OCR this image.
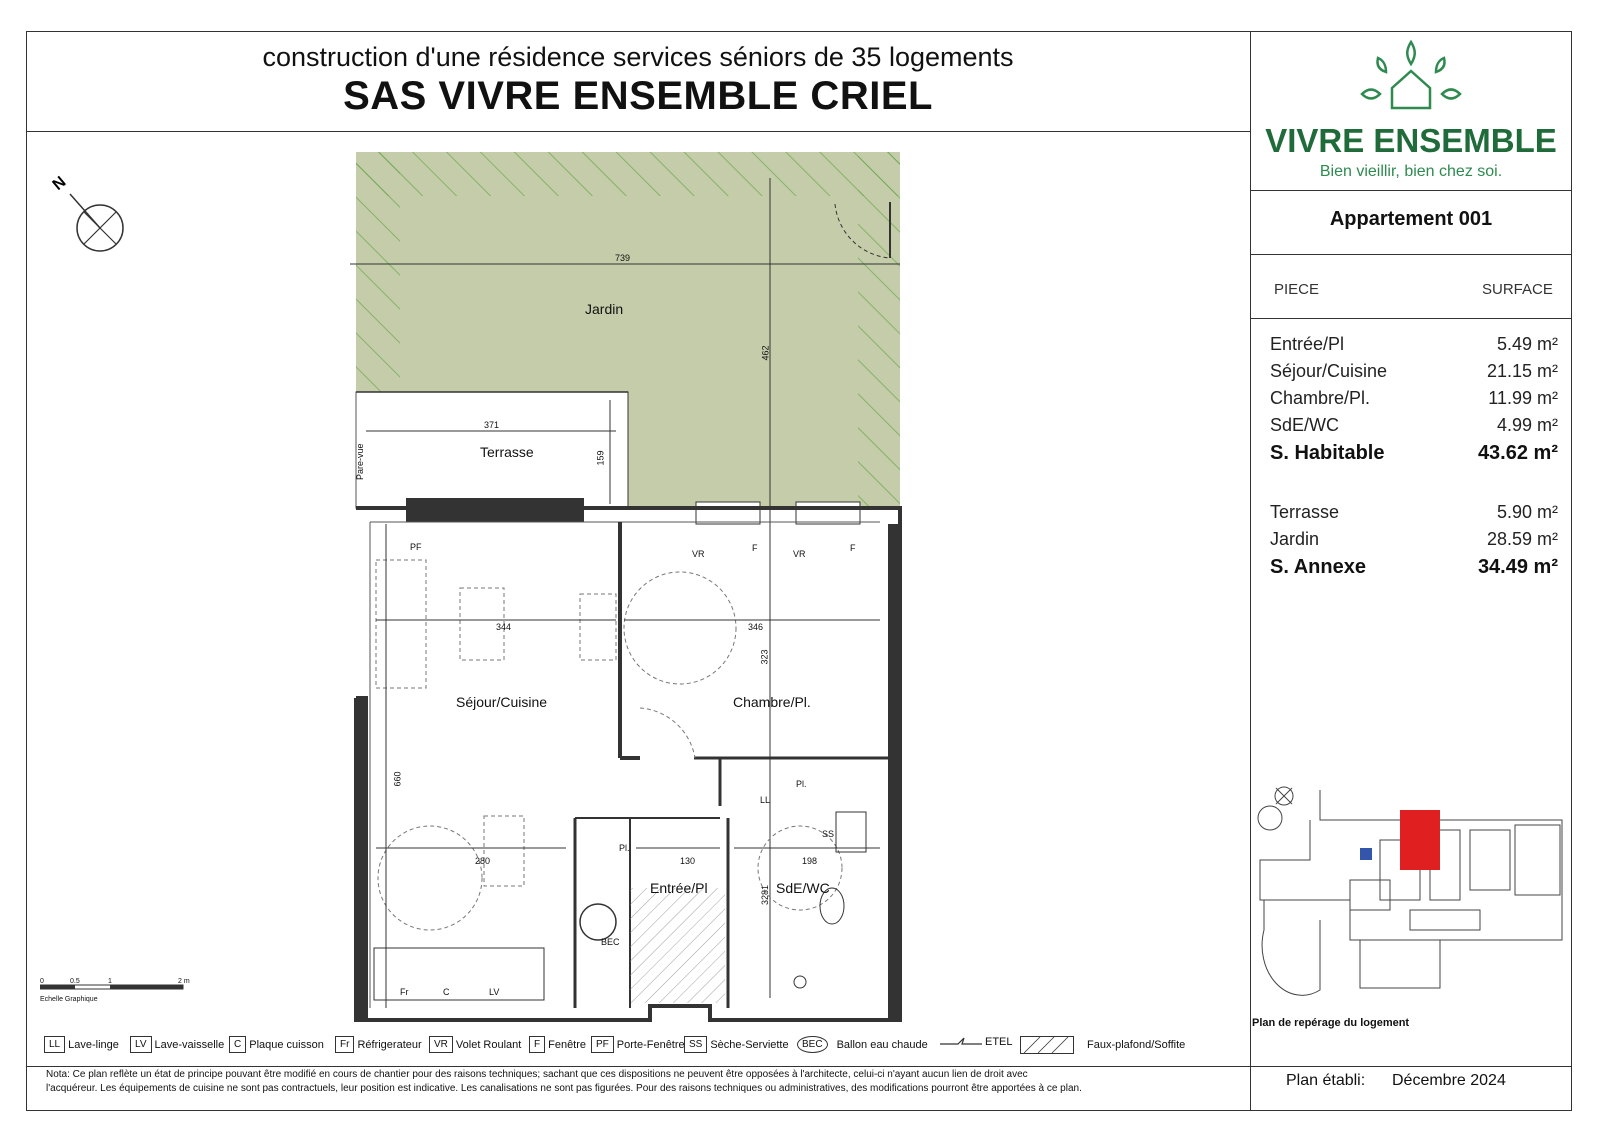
construction d'une résidence services séniors de 35 logements
SAS VIVRE ENSEMBLE CRIEL
VIVRE ENSEMBLE
Bien vieillir, bien chez soi.
Appartement 001
PIECE	SURFACE
Entrée/Pl	5.49 m²
Séjour/Cuisine	21.15 m²
Chambre/Pl.	11.99 m²
SdE/WC	4.99 m²
S. Habitable	43.62 m²
Terrasse	5.90 m²
Jardin	28.59 m²
S. Annexe	34.49 m²
N
Jardin
Terrasse
Séjour/Cuisine	Chambre/Pl.
Entrée/Pl	SdE/WC
BEC
Pare-vue
739
462
371
159
344	346
323
660
280	130	198
3281
PF
VR
F
VR
F
Pl.
LL
Pl.
SS
Fr	C	LV
0	0.5	1	2 m
Echelle Graphique
Plan de repérage du logement
LL Lave-linge	LV Lave-vaisselle C Plaque cuisson	Fr Réfrigerateur	VR Volet Roulant	F Fenêtre PF Porte-Fenêtre SS Sèche-Serviette	BEC	Ballon eau chaude	ETEL	Faux-plafond/Soffite
Nota: Ce plan reflète un état de principe pouvant être modifié en cours de chantier pour des raisons techniques; sachant que ces dispositions ne peuvent être opposées à l'architecte, celui-ci n'ayant aucun lien de droit avec
l'acquéreur. Les équipements de cuisine ne sont pas contractuels, leur position est indicative. Les canalisations ne sont pas figurées. Pour des raisons techniques ou administratives, des modifications pourront être apportées à ce plan.	Plan établi: Décembre 2024
